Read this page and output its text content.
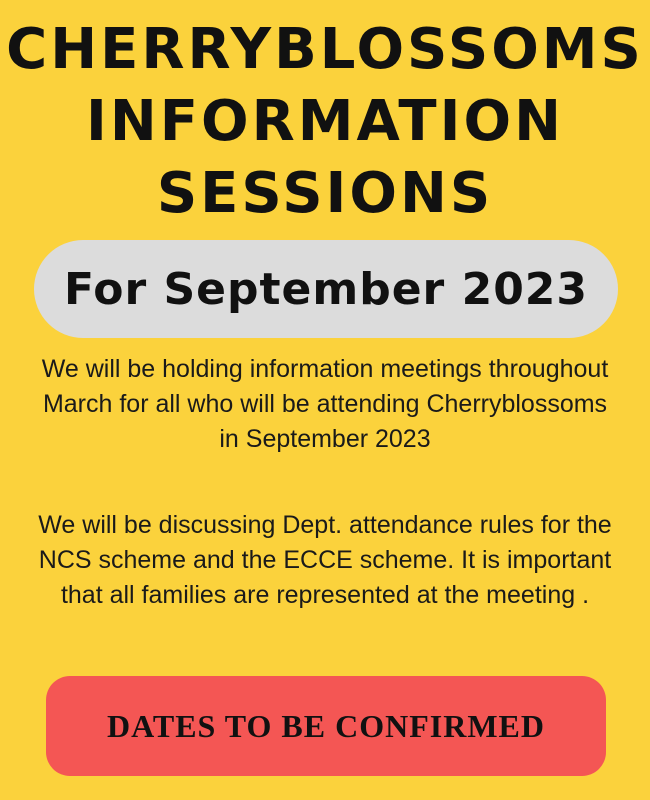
CHERRYBLOSSOMS
INFORMATION
SESSIONS
For September 2023

We will be holding information meetings throughout March for all who will be attending Cherryblossoms in September 2023

We will be discussing Dept. attendance rules for the NCS scheme and the ECCE scheme. It is important that all families are represented at the meeting .

DATES TO BE CONFIRMED
